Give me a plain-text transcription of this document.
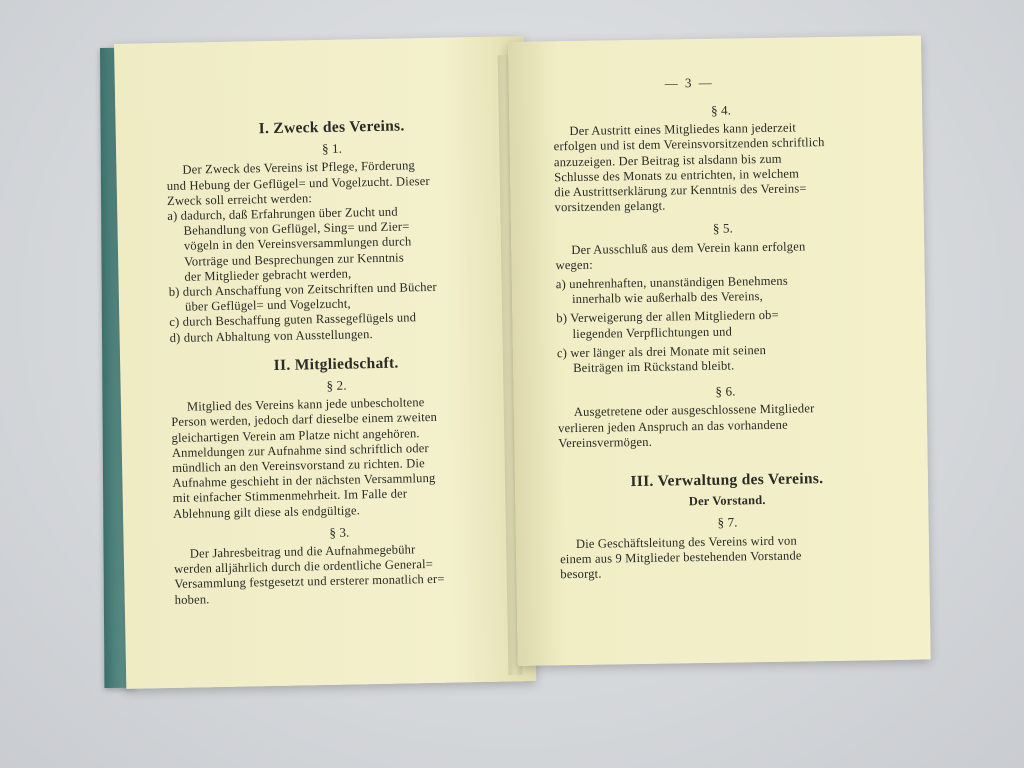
I. Zweck des Vereins.
§ 1.
Der Zweck des Vereins ist Pflege, Förderung
und Hebung der Geflügel= und Vogelzucht. Dieser
Zweck soll erreicht werden:
a) dadurch, daß Erfahrungen über Zucht und
Behandlung von Geflügel, Sing= und Zier=
vögeln in den Vereinsversammlungen durch
Vorträge und Besprechungen zur Kenntnis
der Mitglieder gebracht werden,
b) durch Anschaffung von Zeitschriften und Bücher
über Geflügel= und Vogelzucht,
c) durch Beschaffung guten Rassegeflügels und
d) durch Abhaltung von Ausstellungen.
II. Mitgliedschaft.
§ 2.
Mitglied des Vereins kann jede unbescholtene
Person werden, jedoch darf dieselbe einem zweiten
gleichartigen Verein am Platze nicht angehören.
Anmeldungen zur Aufnahme sind schriftlich oder
mündlich an den Vereinsvorstand zu richten. Die
Aufnahme geschieht in der nächsten Versammlung
mit einfacher Stimmenmehrheit. Im Falle der
Ablehnung gilt diese als endgültige.
§ 3.
Der Jahresbeitrag und die Aufnahmegebühr
werden alljährlich durch die ordentliche General=
Versammlung festgesetzt und ersterer monatlich er=
hoben.
— 3 —
§ 4.
Der Austritt eines Mitgliedes kann jederzeit
erfolgen und ist dem Vereinsvorsitzenden schriftlich
anzuzeigen. Der Beitrag ist alsdann bis zum
Schlusse des Monats zu entrichten, in welchem
die Austrittserklärung zur Kenntnis des Vereins=
vorsitzenden gelangt.
§ 5.
Der Ausschluß aus dem Verein kann erfolgen
wegen:
a) unehrenhaften, unanständigen Benehmens
innerhalb wie außerhalb des Vereins,
b) Verweigerung der allen Mitgliedern ob=
liegenden Verpflichtungen und
c) wer länger als drei Monate mit seinen
Beiträgen im Rückstand bleibt.
§ 6.
Ausgetretene oder ausgeschlossene Mitglieder
verlieren jeden Anspruch an das vorhandene
Vereinsvermögen.
III. Verwaltung des Vereins.
Der Vorstand.
§ 7.
Die Geschäftsleitung des Vereins wird von
einem aus 9 Mitglieder bestehenden Vorstande
besorgt.
